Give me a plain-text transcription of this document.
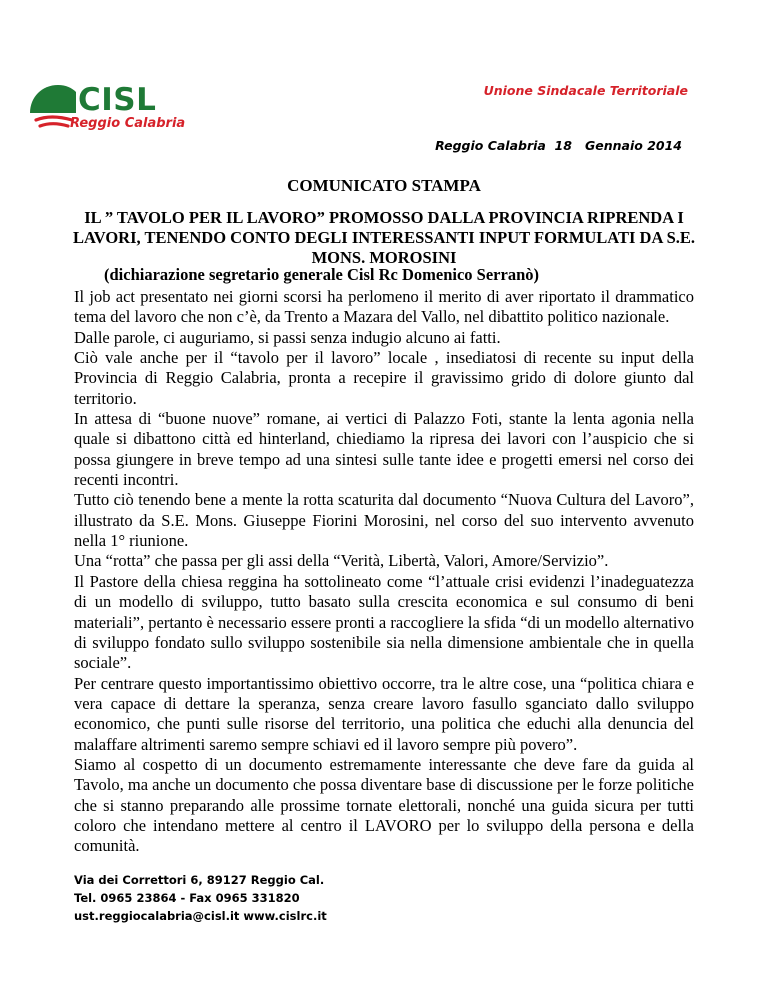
CISL
Reggio Calabria
Unione Sindacale Territoriale
Reggio Calabria  18   Gennaio 2014
COMUNICATO STAMPA
IL ” TAVOLO PER IL LAVORO” PROMOSSO DALLA PROVINCIA RIPRENDA I LAVORI, TENENDO CONTO DEGLI INTERESSANTI INPUT FORMULATI DA S.E. MONS. MOROSINI
(dichiarazione segretario generale Cisl Rc Domenico Serranò)

Il job act presentato nei giorni scorsi ha perlomeno il merito di aver riportato il drammatico tema del lavoro che non c’è, da Trento a Mazara del Vallo, nel dibattito politico nazionale.

Dalle parole, ci auguriamo, si passi senza indugio alcuno ai fatti.

Ciò vale anche per il “tavolo per il lavoro” locale , insediatosi di recente su input della Provincia di Reggio Calabria, pronta a recepire il gravissimo grido di dolore giunto dal territorio.

In attesa di “buone nuove” romane, ai vertici di Palazzo Foti, stante la lenta agonia nella quale si dibattono città ed hinterland, chiediamo la ripresa dei lavori con l’auspicio che si possa giungere in breve tempo ad una sintesi sulle tante idee e progetti emersi nel corso dei recenti incontri.

Tutto ciò tenendo bene a mente la rotta scaturita dal documento “Nuova Cultura del Lavoro”, illustrato da S.E. Mons. Giuseppe Fiorini Morosini, nel corso del suo intervento avvenuto nella 1° riunione.

Una “rotta” che passa per gli assi della “Verità, Libertà, Valori, Amore/Servizio”.

Il Pastore della chiesa reggina ha sottolineato come “l’attuale crisi evidenzi l’inadeguatezza di un modello di sviluppo, tutto basato sulla crescita economica e sul consumo di beni materiali”, pertanto è necessario essere pronti a raccogliere la sfida “di un modello alternativo di sviluppo fondato sullo sviluppo sostenibile sia nella dimensione ambientale che in quella sociale”.

Per centrare questo importantissimo obiettivo occorre, tra le altre cose, una “politica chiara e vera capace di dettare la speranza, senza creare lavoro fasullo sganciato dallo sviluppo economico, che punti sulle risorse del territorio, una politica che educhi alla denuncia del malaffare altrimenti saremo sempre schiavi ed il lavoro sempre più povero”.

Siamo al cospetto di un documento estremamente interessante che deve fare da guida al Tavolo, ma anche un documento che possa diventare base di discussione per le forze politiche che si stanno preparando alle prossime tornate elettorali, nonché una guida sicura per tutti coloro che intendano mettere al centro il LAVORO per lo sviluppo della persona e della comunità.

Via dei Correttori 6, 89127 Reggio Cal.
Tel. 0965 23864 - Fax 0965 331820
ust.reggiocalabria@cisl.it www.cislrc.it
